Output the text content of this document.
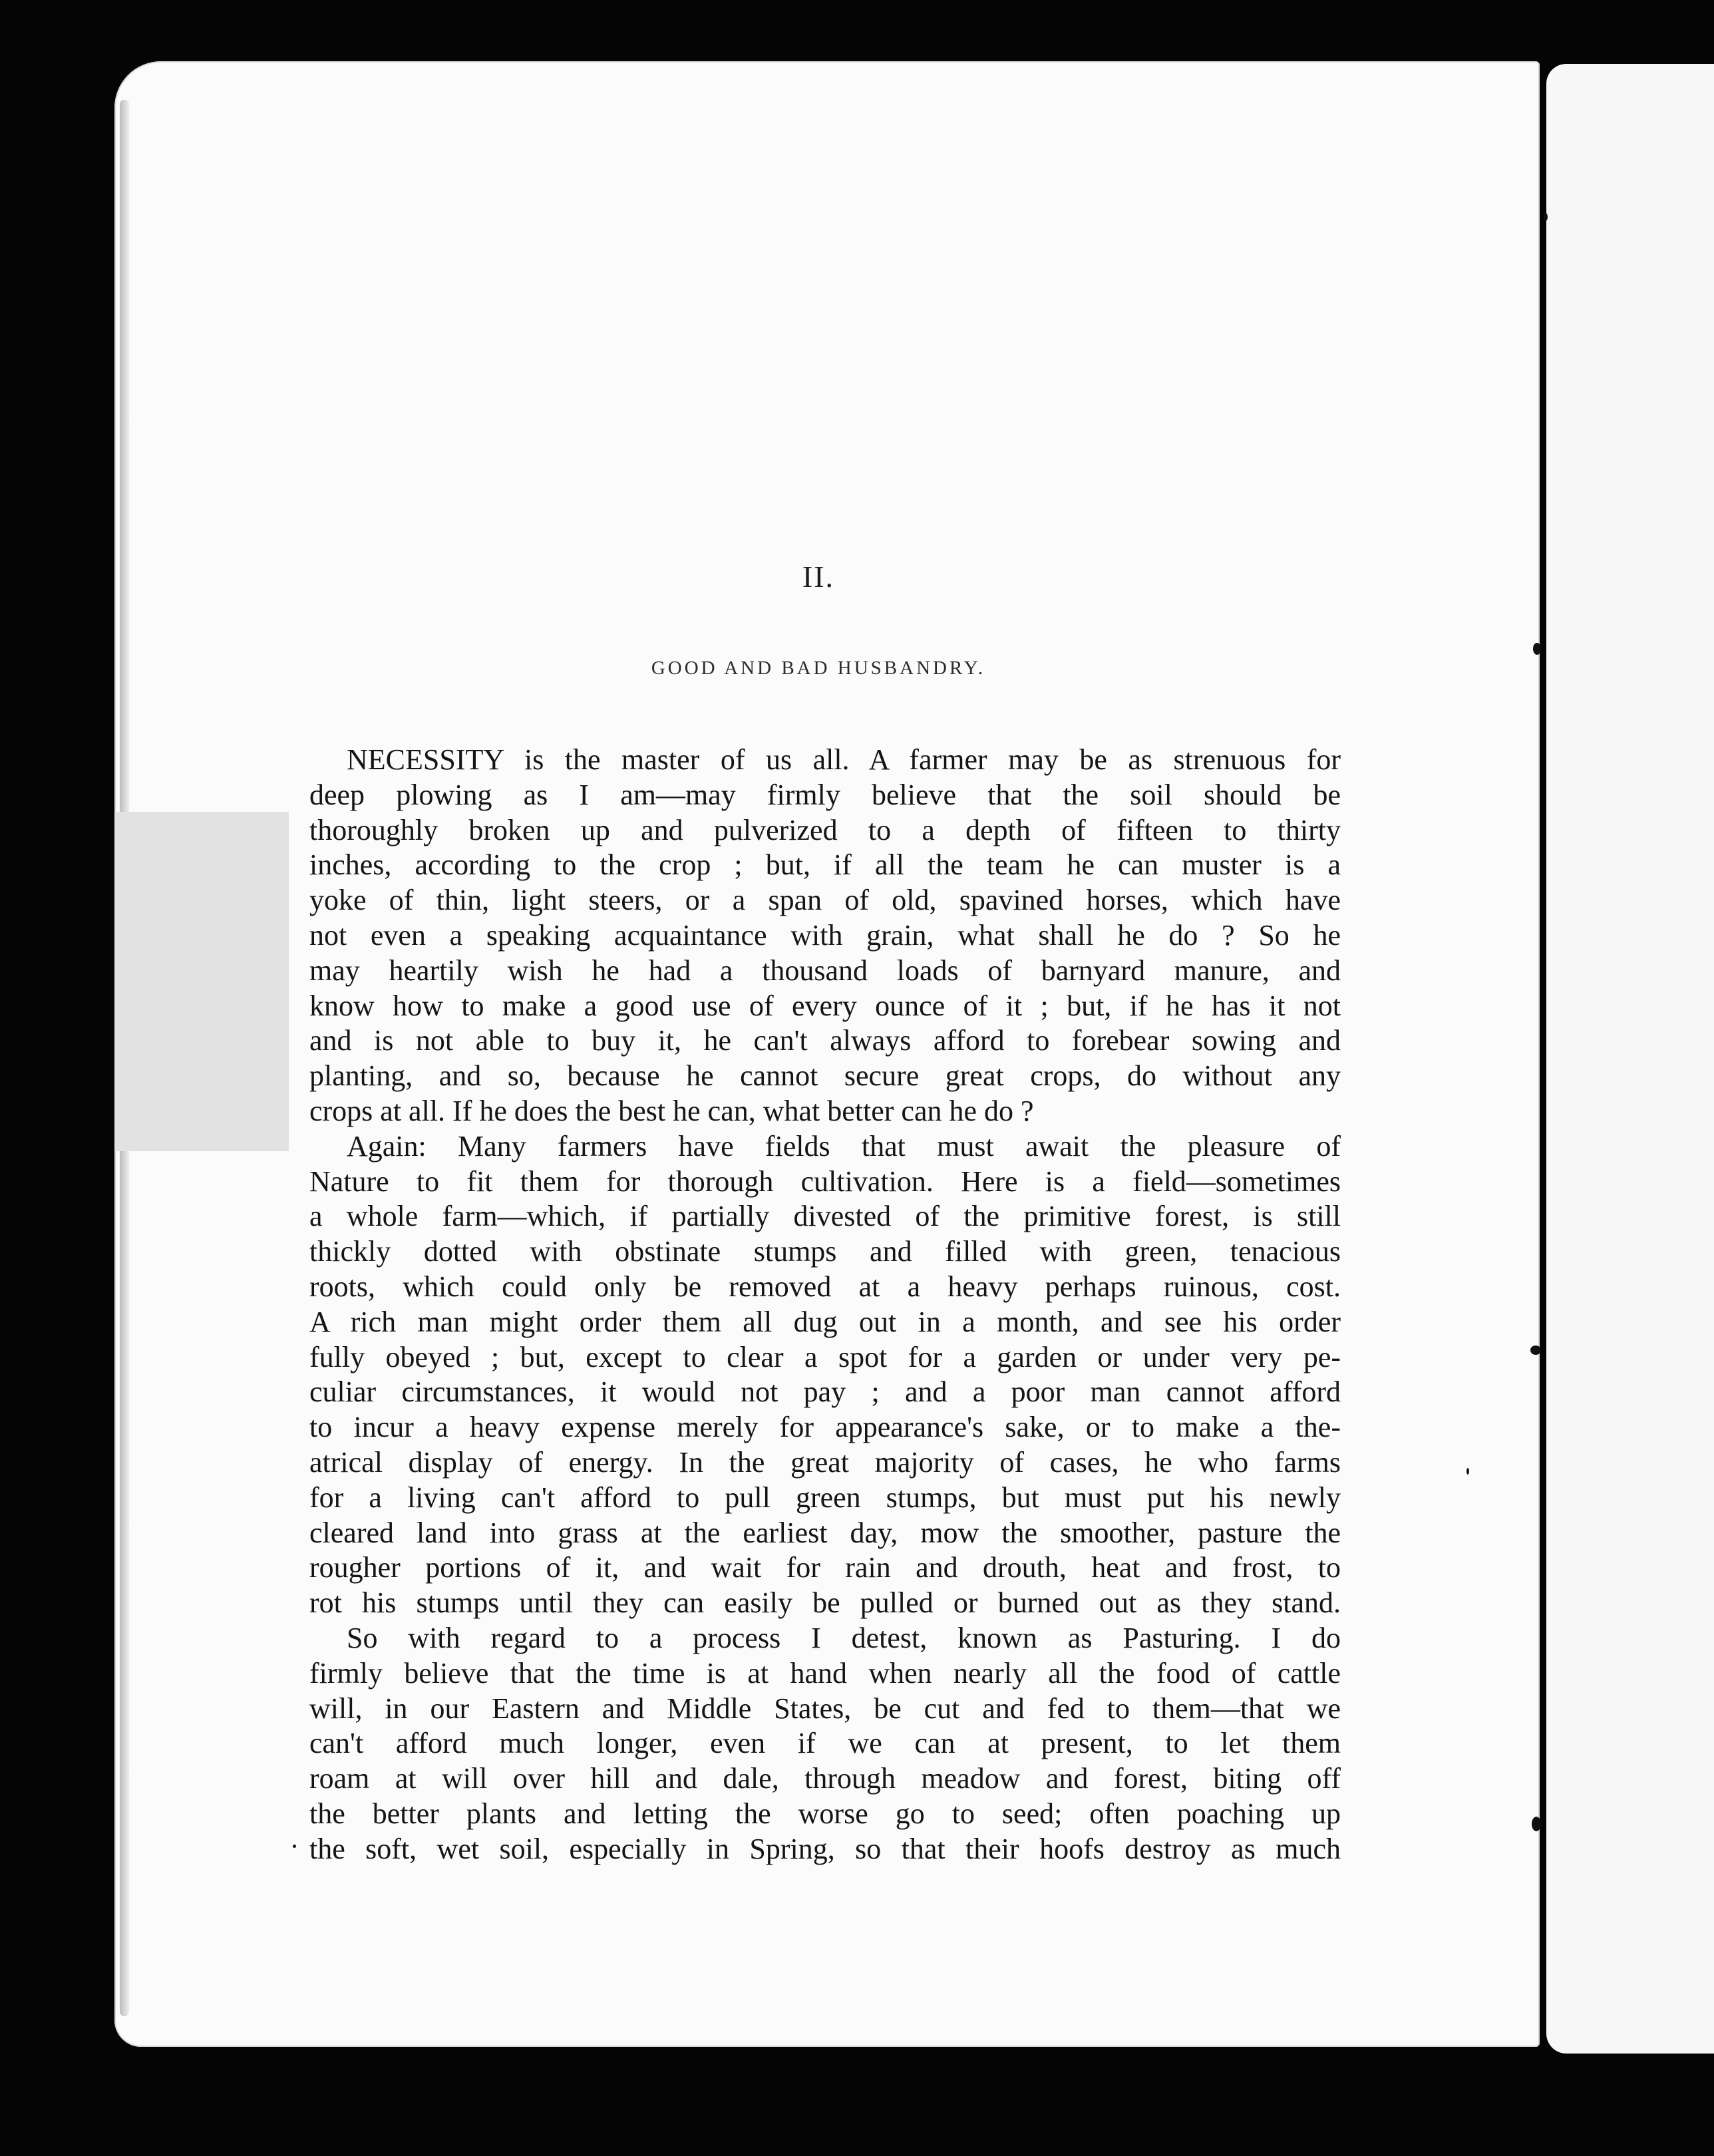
II.
GOOD AND BAD HUSBANDRY.
NECESSITY is the master of us all. A farmer may be as strenuous for
deep plowing as I am—may firmly believe that the soil should be
thoroughly broken up and pulverized to a depth of fifteen to thirty
inches, according to the crop ; but, if all the team he can muster is a
yoke of thin, light steers, or a span of old, spavined horses, which have
not even a speaking acquaintance with grain, what shall he do ? So he
may heartily wish he had a thousand loads of barnyard manure, and
know how to make a good use of every ounce of it ; but, if he has it not
and is not able to buy it, he can't always afford to forebear sowing and
planting, and so, because he cannot secure great crops, do without any
crops at all. If he does the best he can, what better can he do ?
Again: Many farmers have fields that must await the pleasure of
Nature to fit them for thorough cultivation. Here is a field—sometimes
a whole farm—which, if partially divested of the primitive forest, is still
thickly dotted with obstinate stumps and filled with green, tenacious
roots, which could only be removed at a heavy perhaps ruinous, cost.
A rich man might order them all dug out in a month, and see his order
fully obeyed ; but, except to clear a spot for a garden or under very pe-
culiar circumstances, it would not pay ; and a poor man cannot afford
to incur a heavy expense merely for appearance's sake, or to make a the-
atrical display of energy. In the great majority of cases, he who farms
for a living can't afford to pull green stumps, but must put his newly
cleared land into grass at the earliest day, mow the smoother, pasture the
rougher portions of it, and wait for rain and drouth, heat and frost, to
rot his stumps until they can easily be pulled or burned out as they stand.
So with regard to a process I detest, known as Pasturing. I do
firmly believe that the time is at hand when nearly all the food of cattle
will, in our Eastern and Middle States, be cut and fed to them—that we
can't afford much longer, even if we can at present, to let them
roam at will over hill and dale, through meadow and forest, biting off
the better plants and letting the worse go to seed; often poaching up
the soft, wet soil, especially in Spring, so that their hoofs destroy as much
